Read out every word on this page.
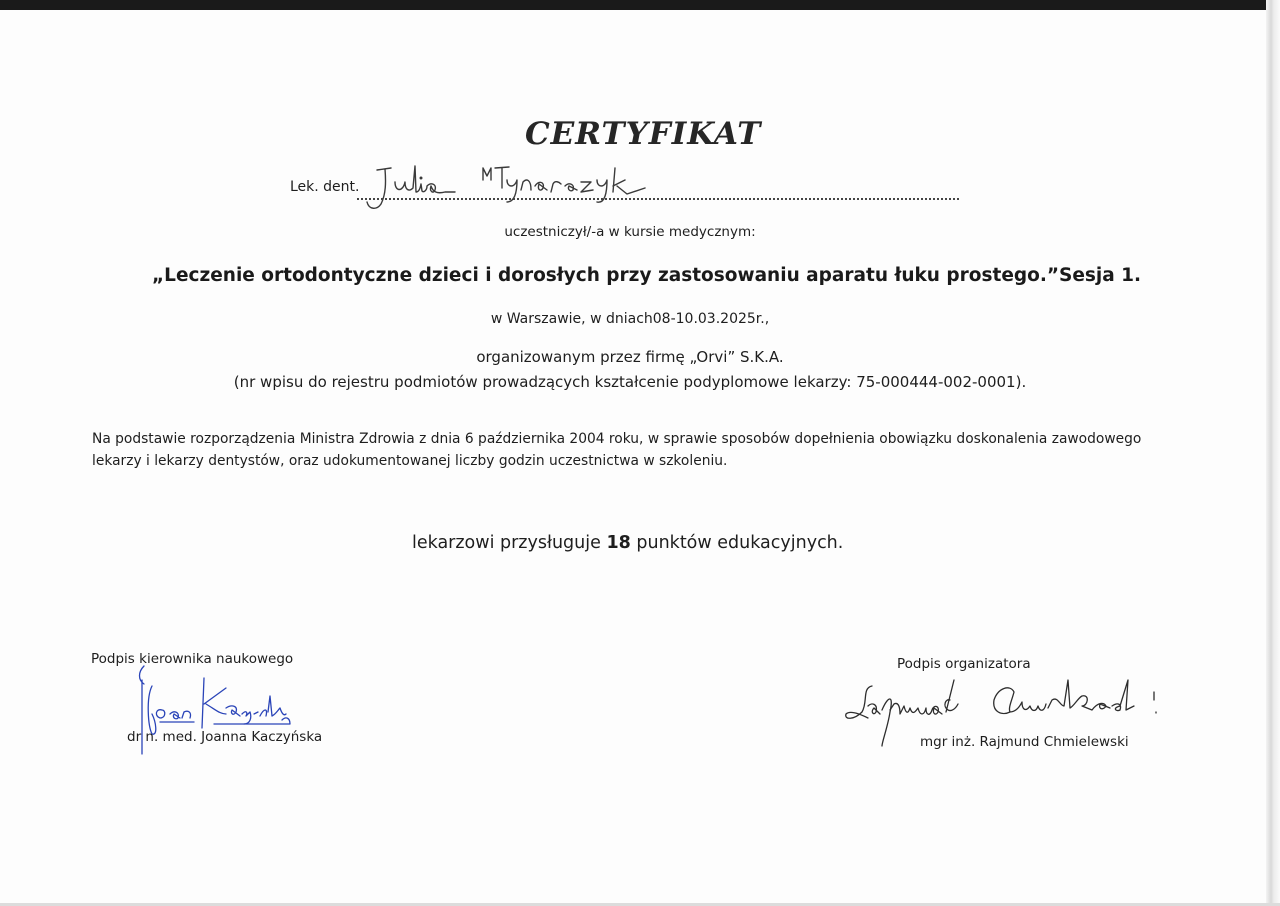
CERTYFIKAT
Lek. dent.
uczestniczył/-a w kursie medycznym:
„Leczenie ortodontyczne dzieci i dorosłych przy zastosowaniu aparatu łuku prostego.”Sesja 1.
w Warszawie, w dniach08-10.03.2025r.,
organizowanym przez firmę „Orvi” S.K.A.
(nr wpisu do rejestru podmiotów prowadzących kształcenie podyplomowe lekarzy: 75-000444-002-0001).

Na podstawie rozporządzenia Ministra Zdrowia z dnia 6 października 2004 roku, w sprawie sposobów dopełnienia obowiązku doskonalenia zawodowego

lekarzy i lekarzy dentystów, oraz udokumentowanej liczby godzin uczestnictwa w szkoleniu.

lekarzowi przysługuje 18 punktów edukacyjnych.
Podpis kierownika naukowego
dr n. med. Joanna Kaczyńska
Podpis organizatora
mgr inż. Rajmund Chmielewski
